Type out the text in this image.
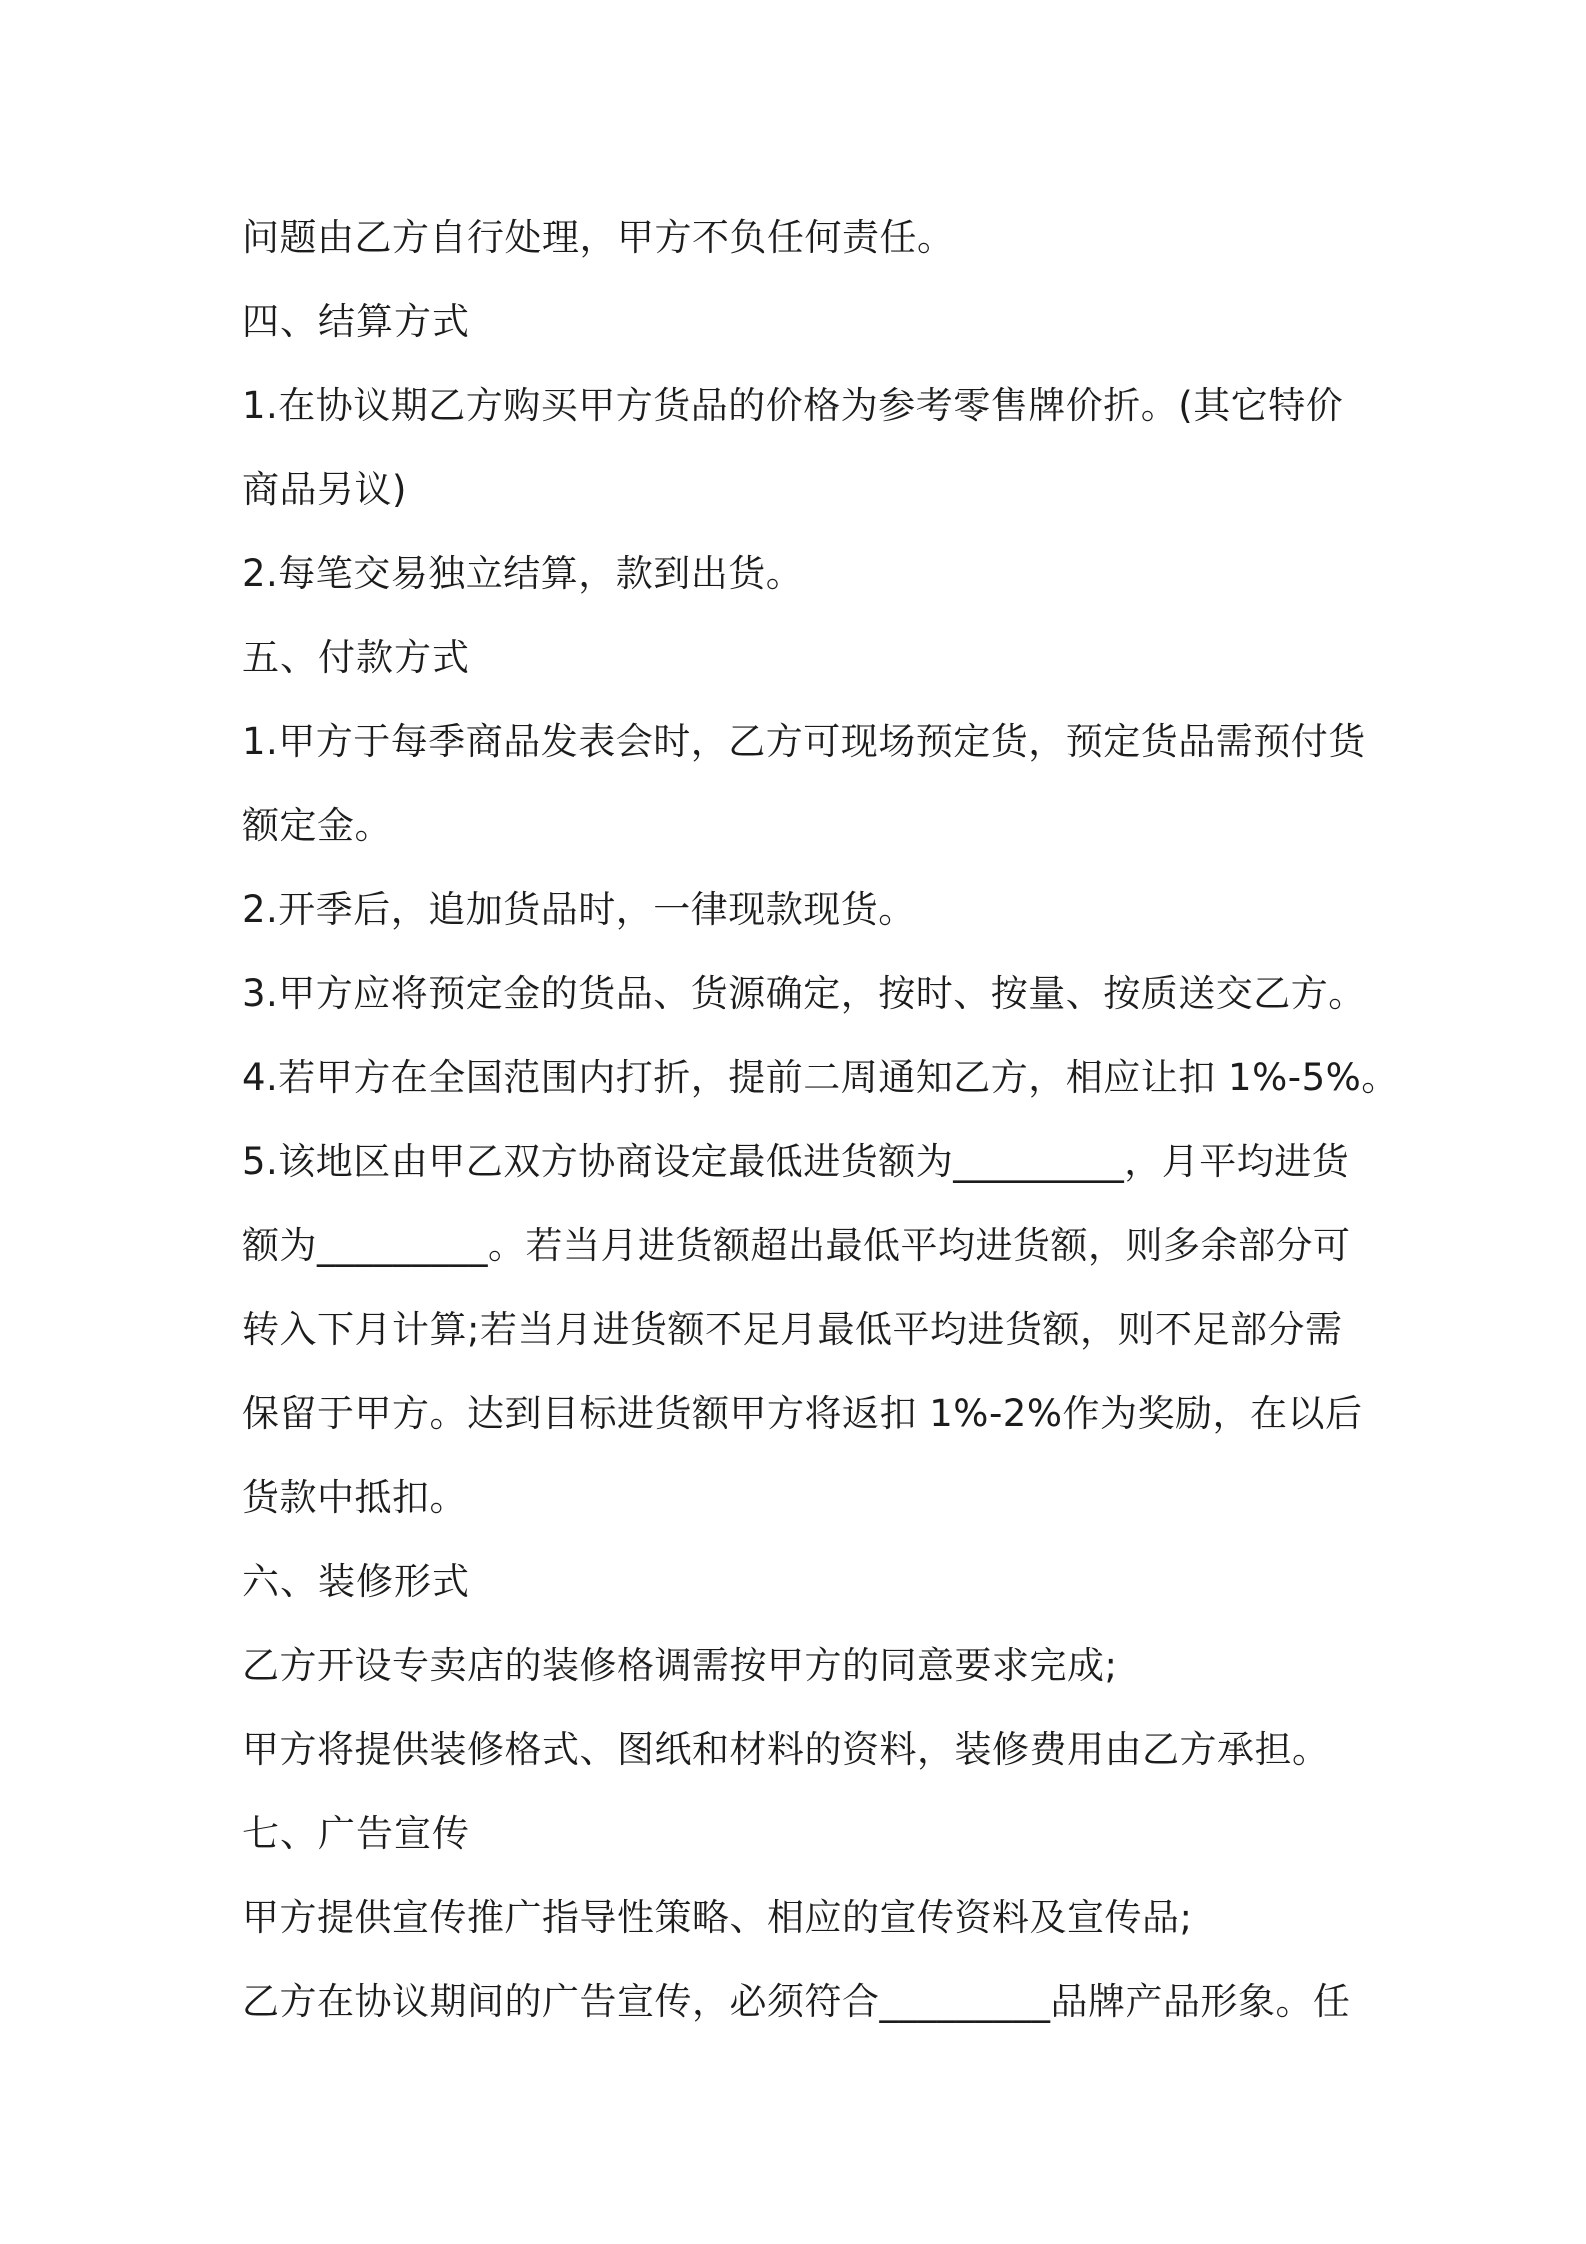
问题由乙方自行处理，甲方不负任何责任。
四、结算方式
1.在协议期乙方购买甲方货品的价格为参考零售牌价折。(其它特价
商品另议)
2.每笔交易独立结算，款到出货。
五、付款方式
1.甲方于每季商品发表会时，乙方可现场预定货，预定货品需预付货
额定金。
2.开季后，追加货品时，一律现款现货。
3.甲方应将预定金的货品、货源确定，按时、按量、按质送交乙方。
4.若甲方在全国范围内打折，提前二周通知乙方，相应让扣 1%-5%。
5.该地区由甲乙双方协商设定最低进货额为_________，月平均进货
额为_________。若当月进货额超出最低平均进货额，则多余部分可
转入下月计算;若当月进货额不足月最低平均进货额，则不足部分需
保留于甲方。达到目标进货额甲方将返扣 1%-2%作为奖励，在以后
货款中抵扣。
六、装修形式
乙方开设专卖店的装修格调需按甲方的同意要求完成;
甲方将提供装修格式、图纸和材料的资料，装修费用由乙方承担。
七、广告宣传
甲方提供宣传推广指导性策略、相应的宣传资料及宣传品;
乙方在协议期间的广告宣传，必须符合_________品牌产品形象。任
